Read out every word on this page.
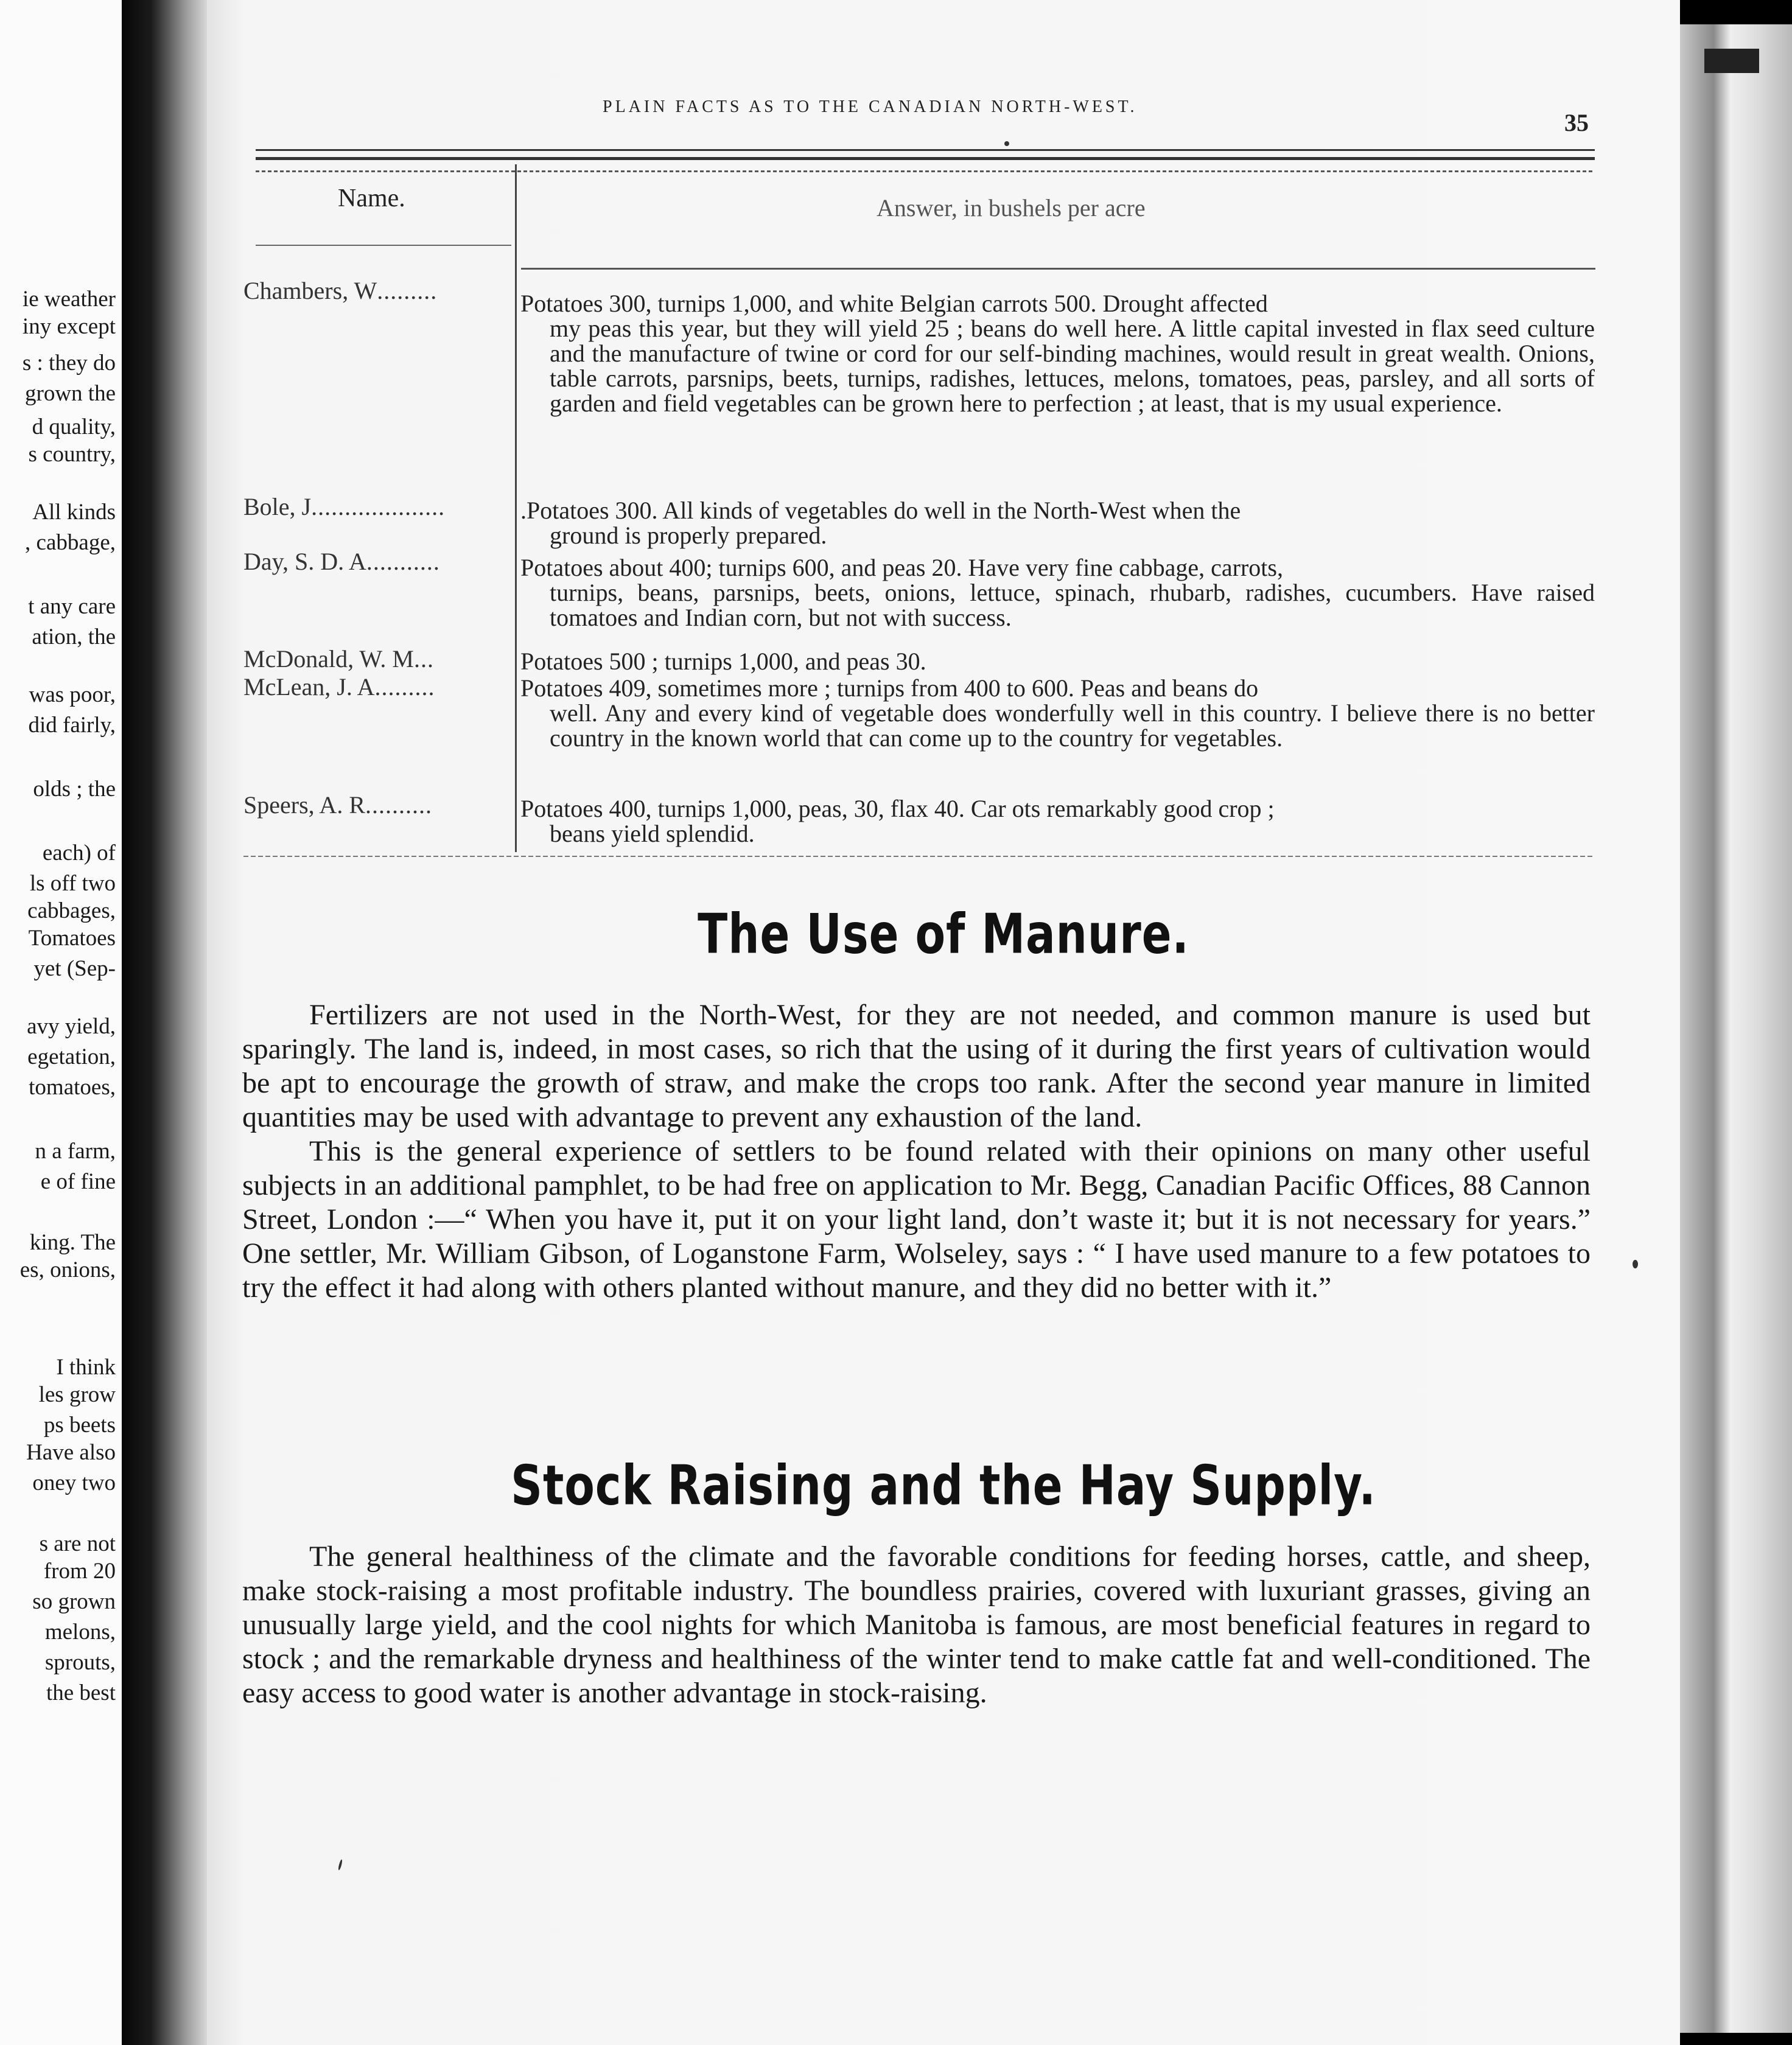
ie weather
iny except
s : they do
grown the
d quality,
s country,
All kinds
, cabbage,
t any care
ation, the
was poor,
did fairly,
olds ; the
each) of
ls off two
cabbages,
Tomatoes
yet (Sep-
avy yield,
egetation,
tomatoes,
n a farm,
e of fine
king. The
es, onions,
I think
les grow
ps beets
Have also
oney two
s are not
from 20
so grown
melons,
sprouts,
the best
PLAIN FACTS AS TO THE CANADIAN NORTH-WEST.
35
Name.	Answer, in bushels per acre
Chambers, W.........	Potatoes 300, turnips 1,000, and white Belgian carrots 500. Drought affected
my peas this year, but they will yield 25 ; beans do well here. A little capital invested in flax seed culture and the manufacture of twine or cord for our self-binding machines, would result in great wealth. Onions, table carrots, parsnips, beets, turnips, radishes, lettuces, melons, tomatoes, peas, parsley, and all sorts of garden and field vegetables can be grown here to perfection ; at least, that is my usual experience.
Bole, J....................	.Potatoes 300. All kinds of vegetables do well in the North-West when the
ground is properly prepared.
Day, S. D. A...........	Potatoes about 400; turnips 600, and peas 20. Have very fine cabbage, carrots,
turnips, beans, parsnips, beets, onions, lettuce, spinach, rhubarb, radishes, cucumbers. Have raised tomatoes and Indian corn, but not with success.
McDonald, W. M...	Potatoes 500 ; turnips 1,000, and peas 30.
McLean, J. A.........	Potatoes 409, sometimes more ; turnips from 400 to 600. Peas and beans do
well. Any and every kind of vegetable does wonderfully well in this country. I believe there is no better country in the known world that can come up to the country for vegetables.
Speers, A. R..........	Potatoes 400, turnips 1,000, peas, 30, flax 40. Car ots remarkably good crop ;
beans yield splendid.
The Use of Manure.

Fertilizers are not used in the North-West, for they are not needed, and common manure is used but sparingly. The land is, indeed, in most cases, so rich that the using of it during the first years of cultivation would be apt to encourage the growth of straw, and make the crops too rank. After the second year manure in limited quantities may be used with advantage to prevent any exhaustion of the land.

This is the general experience of settlers to be found related with their opinions on many other useful subjects in an additional pamphlet, to be had free on application to Mr. Begg, Canadian Pacific Offices, 88 Cannon Street, London :—“ When you have it, put it on your light land, don’t waste it; but it is not necessary for years.” One settler, Mr. William Gibson, of Loganstone Farm, Wolseley, says : “ I have used manure to a few potatoes to try the effect it had along with others planted without manure, and they did no better with it.”

Stock Raising and the Hay Supply.

The general healthiness of the climate and the favorable conditions for feeding horses, cattle, and sheep, make stock-raising a most profitable industry. The boundless prairies, covered with luxuriant grasses, giving an unusually large yield, and the cool nights for which Manitoba is famous, are most beneficial features in regard to stock ; and the remarkable dryness and healthiness of the winter tend to make cattle fat and well-conditioned. The easy access to good water is another advantage in stock-raising.
